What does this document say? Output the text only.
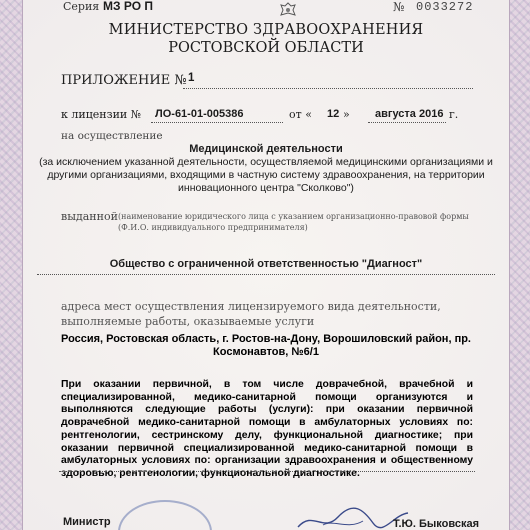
Серия МЗ РО П	№ 0033272
МИНИСТЕРСТВО ЗДРАВООХРАНЕНИЯ
РОСТОВСКОЙ ОБЛАСТИ
ПРИЛОЖЕНИЕ № 1
к лицензии № ЛО-61-01-005386	от « 12 » августа 2016 г.
на осуществление
Медицинской деятельности
(за исключением указанной деятельности, осуществляемой медицинскими организациями и другими организациями, входящими в частную систему здравоохранения, на территории инновационного центра "Сколково")
выданной (наименование юридического лица с указанием организационно-правовой формы (Ф.И.О. индивидуального предпринимателя)
Общество с ограниченной ответственностью "Диагност"
адреса мест осуществления лицензируемого вида деятельности, выполняемые работы, оказываемые услуги
Россия, Ростовская область, г. Ростов-на-Дону, Ворошиловский район, пр. Космонавтов, №6/1
При оказании первичной, в том числе доврачебной, врачебной и специализированной, медико-санитарной помощи организуются и выполняются следующие работы (услуги): при оказании первичной доврачебной медико-санитарной помощи в амбулаторных условиях по: рентгенологии, сестринскому делу, функциональной диагностике; при оказании первичной специализированной медико-санитарной помощи в амбулаторных условиях по: организации здравоохранения и общественному здоровью, рентгенологии, функциональной диагностике.
Министр	Т.Ю. Быковская
